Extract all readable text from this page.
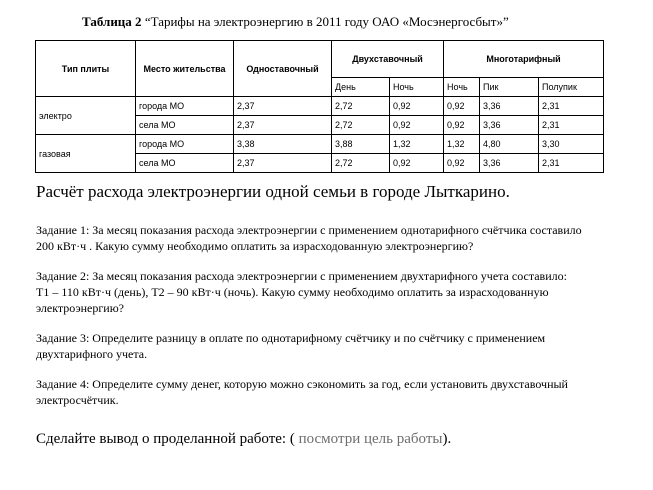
Таблица 2 “Тарифы на электроэнергию в 2011 году ОАО «Мосэнергосбыт»”
Тип плиты	Место жительства	Одноставочный	Двухставочный		Многотарифный		
			День	Ночь	Ночь	Пик	Полупик
электро	города МО	2,37	2,72	0,92	0,92	3,36	2,31
	села МО	2,37	2,72	0,92	0,92	3,36	2,31
газовая	города МО	3,38	3,88	1,32	1,32	4,80	3,30
	села МО	2,37	2,72	0,92	0,92	3,36	2,31
Расчёт расхода электроэнергии одной семьи в городе Лыткарино.
Задание 1: За месяц показания расхода электроэнергии с применением однотарифного счётчика составило
200 кВт·ч . Какую сумму необходимо оплатить за израсходованную электроэнергию?
Задание 2: За месяц показания расхода электроэнергии с применением двухтарифного учета составило:
Т1 – 110 кВт·ч (день), Т2 – 90 кВт·ч (ночь). Какую сумму необходимо оплатить за израсходованную
электроэнергию?
Задание 3: Определите разницу в оплате по однотарифному счётчику и по счётчику с применением
двухтарифного учета.
Задание 4: Определите сумму денег, которую можно сэкономить за год, если установить двухставочный
электросчётчик.
Сделайте вывод о проделанной работе: ( посмотри цель работы).
